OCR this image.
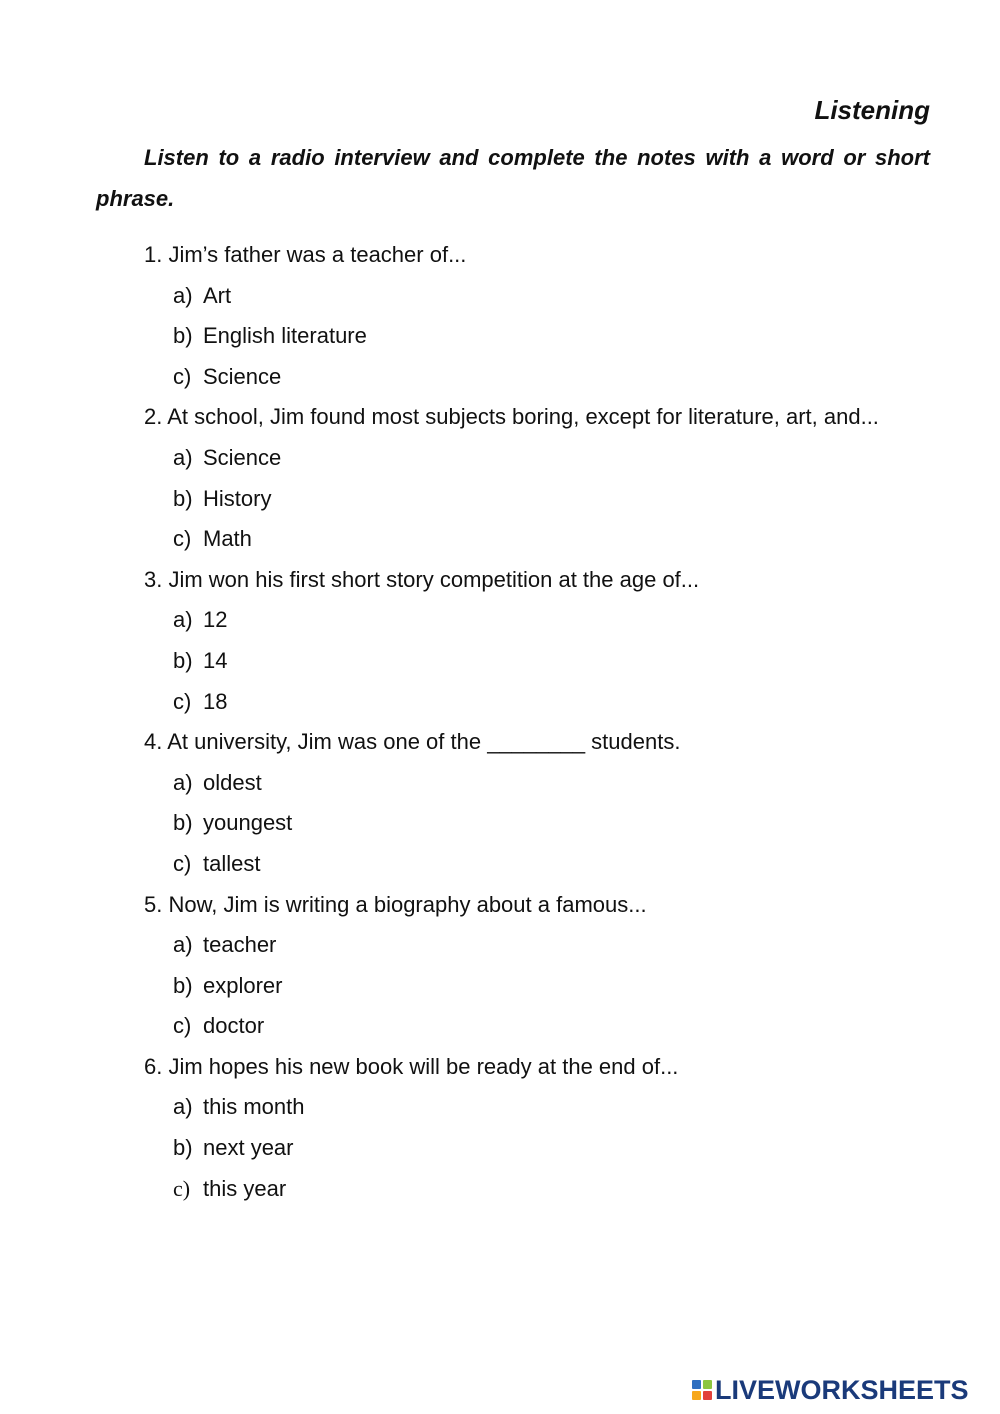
Listening
Listen to a radio interview and complete the notes with a word or short phrase.
1. Jim’s father was a teacher of...
a) Art
b) English literature
c) Science
2. At school, Jim found most subjects boring, except for literature, art, and...
a) Science
b) History
c) Math
3. Jim won his first short story competition at the age of...
a) 12
b) 14
c) 18
4. At university, Jim was one of the ________ students.
a) oldest
b) youngest
c) tallest
5. Now, Jim is writing a biography about a famous...
a) teacher
b) explorer
c) doctor
6. Jim hopes his new book will be ready at the end of...
a) this month
b) next year
c) this year
LIVEWORKSHEETS
